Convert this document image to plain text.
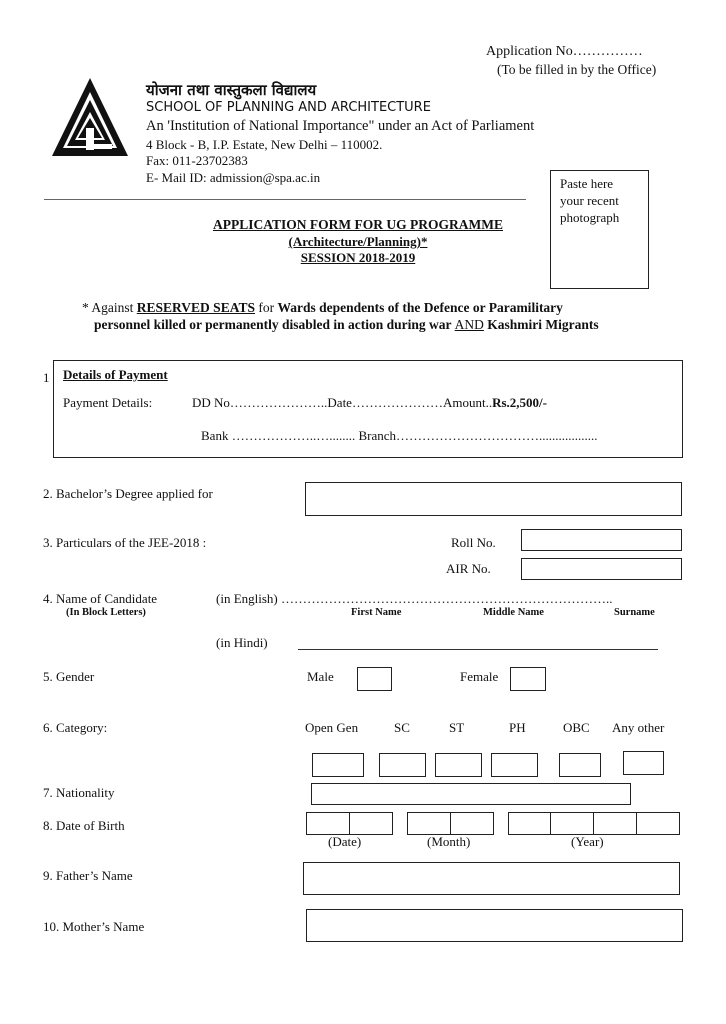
Application No……………
(To be filled in by the Office)
योजना तथा वास्तुकला विद्यालय
SCHOOL OF PLANNING AND ARCHITECTURE
An 'Institution of National Importance" under an Act of Parliament
4 Block - B, I.P. Estate, New Delhi – 110002.
Fax: 011-23702383
E- Mail ID: admission@spa.ac.in	Paste here
your recent
photograph
APPLICATION FORM FOR UG PROGRAMME
(Architecture/Planning)*
SESSION 2018-2019
* Against RESERVED SEATS for Wards dependents of the Defence or Paramilitary
personnel killed or permanently disabled in action during war AND Kashmiri Migrants
1 Details of Payment
Payment Details:	DD No…………………..Date…………………Amount..Rs.2,500/-
Bank ………………..…........ Branch……………………………..................
2. Bachelor’s Degree applied for
3. Particulars of the JEE-2018 :	Roll No.
AIR No.
4. Name of Candidate
(In Block Letters)
(in English) …………………………………………………………………..
First Name	Middle Name	Surname
(in Hindi)
5. Gender	Male	Female
6. Category:	Open Gen	SC	ST	PH	OBC Any other
7. Nationality
8. Date of Birth
(Date)	(Month)	(Year)
9. Father’s Name
10. Mother’s Name
